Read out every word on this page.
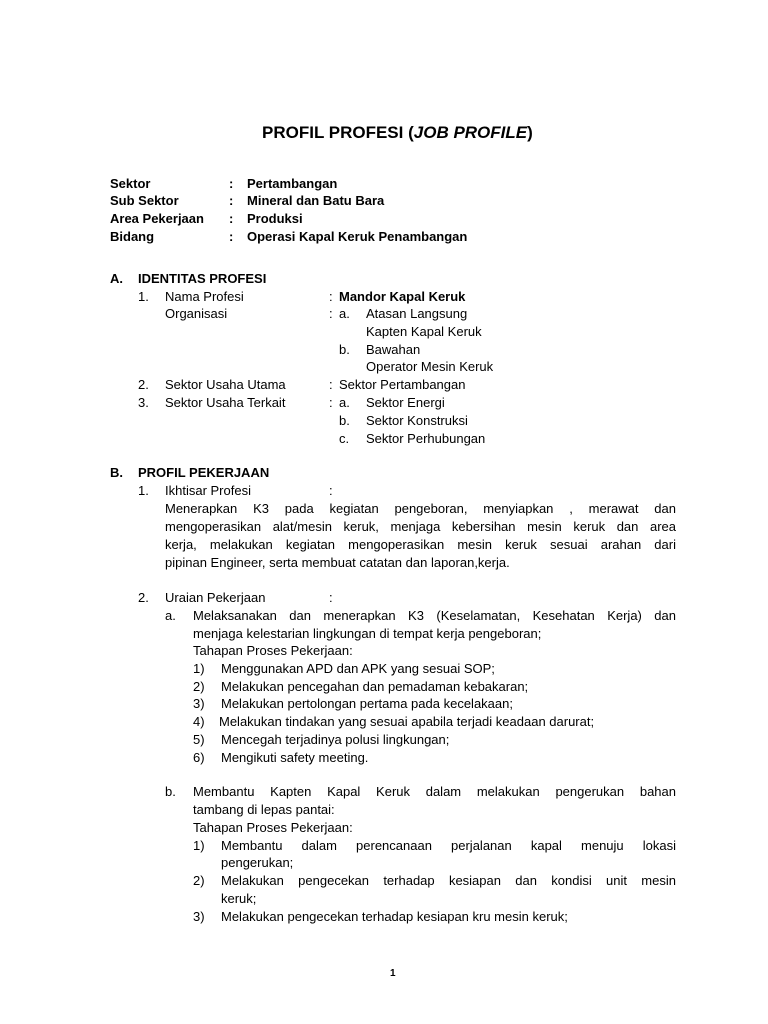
PROFIL PROFESI (JOB PROFILE)
Sektor	: Pertambangan
Sub Sektor	: Mineral dan Batu Bara
Area Pekerjaan : Produksi
Bidang	: Operasi Kapal Keruk Penambangan
A. IDENTITAS PROFESI
1. Nama Profesi	: Mandor Kapal Keruk
Organisasi	: a. Atasan Langsung
Kapten Kapal Keruk
b. Bawahan
Operator Mesin Keruk
2. Sektor Usaha Utama	: Sektor Pertambangan
3. Sektor Usaha Terkait	: a. Sektor Energi
b. Sektor Konstruksi
c. Sektor Perhubungan
B. PROFIL PEKERJAAN
1. Ikhtisar Profesi	:
Menerapkan K3 pada kegiatan pengeboran, menyiapkan , merawat dan
mengoperasikan alat/mesin keruk, menjaga kebersihan mesin keruk dan area
kerja, melakukan kegiatan mengoperasikan mesin keruk sesuai arahan dari
pipinan Engineer, serta membuat catatan dan laporan,kerja.
2. Uraian Pekerjaan	:
a. Melaksanakan dan menerapkan K3 (Keselamatan, Kesehatan Kerja) dan
menjaga kelestarian lingkungan di tempat kerja pengeboran;
Tahapan Proses Pekerjaan:
1) Menggunakan APD dan APK yang sesuai SOP;
2) Melakukan pencegahan dan pemadaman kebakaran;
3) Melakukan pertolongan pertama pada kecelakaan;
4) Melakukan tindakan yang sesuai apabila terjadi keadaan darurat;
5) Mencegah terjadinya polusi lingkungan;
6) Mengikuti safety meeting.
b. Membantu Kapten Kapal Keruk dalam melakukan pengerukan bahan
tambang di lepas pantai:
Tahapan Proses Pekerjaan:
1) Membantu dalam perencanaan perjalanan kapal menuju lokasi
pengerukan;
2) Melakukan pengecekan terhadap kesiapan dan kondisi unit mesin
keruk;
3) Melakukan pengecekan terhadap kesiapan kru mesin keruk;
1
